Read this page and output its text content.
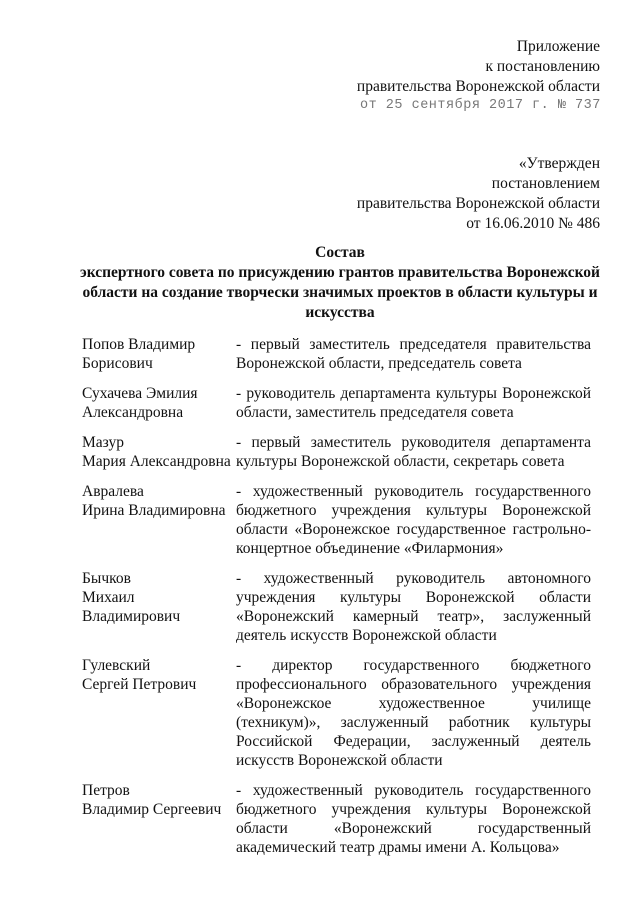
Приложение
к постановлению
правительства Воронежской области
от 25 сентября 2017 г. № 737
«Утвержден
постановлением
правительства Воронежской области
от 16.06.2010 № 486
Состав
экспертного совета по присуждению грантов правительства Воронежской области на создание творчески значимых проектов в области культуры и искусства
Попов Владимир
Борисович
- первый заместитель председателя правительства Воронежской области, председатель совета
Сухачева Эмилия
Александровна
- руководитель департамента культуры Воронежской области, заместитель председателя совета
Мазур
Мария Александровна
- первый заместитель руководителя департамента культуры Воронежской области, секретарь совета
Авралева
Ирина Владимировна
- художественный руководитель государственного бюджетного учреждения культуры Воронежской области «Воронежское государственное гастрольно-концертное объединение «Филармония»
Бычков
Михаил
Владимирович
- художественный руководитель автономного учреждения культуры Воронежской области «Воронежский камерный театр», заслуженный деятель искусств Воронежской области
Гулевский
Сергей Петрович
- директор государственного бюджетного профессионального образовательного учреждения «Воронежское художественное училище (техникум)», заслуженный работник культуры Российской Федерации, заслуженный деятель искусств Воронежской области
Петров
Владимир Сергеевич
- художественный руководитель государственного бюджетного учреждения культуры Воронежской области «Воронежский государственный академический театр драмы имени А. Кольцова»
